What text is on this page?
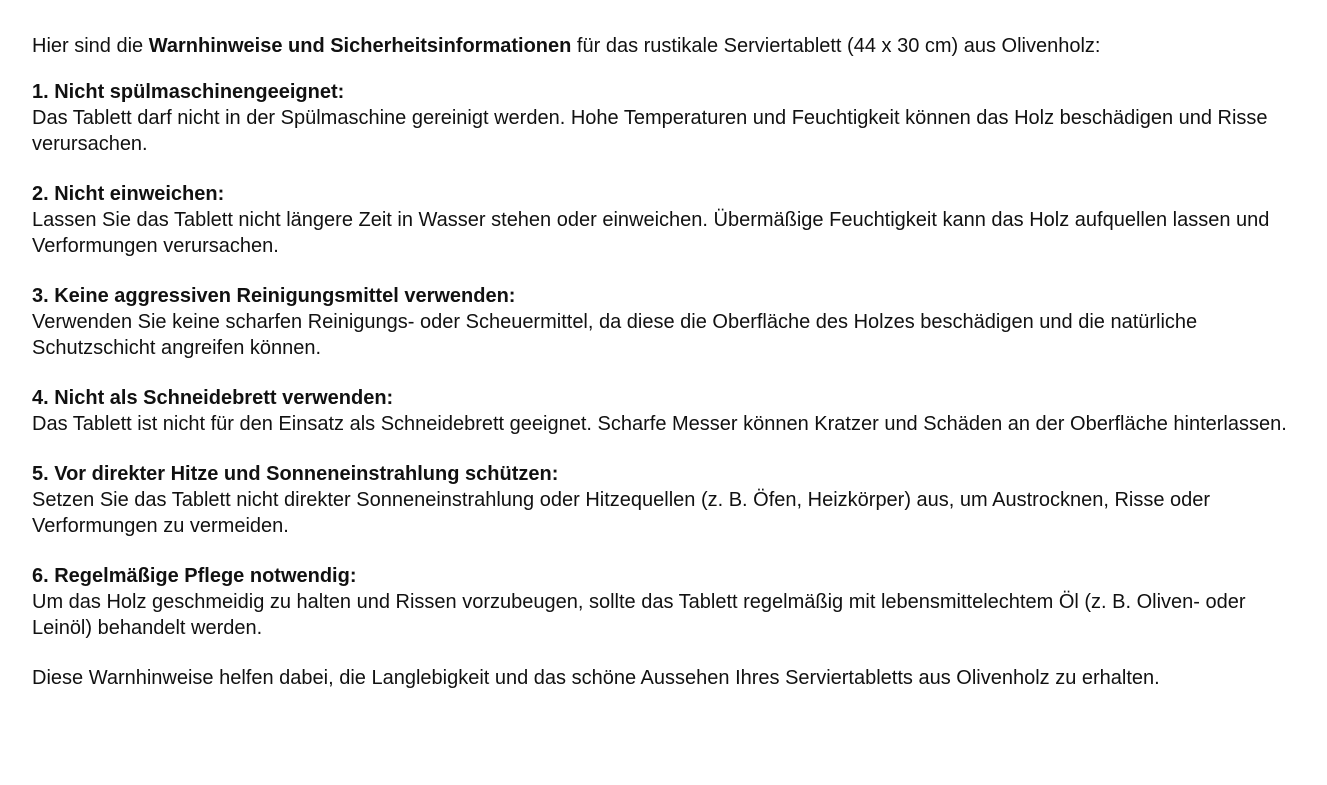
Hier sind die Warnhinweise und Sicherheitsinformationen für das rustikale Serviertablett (44 x 30 cm) aus Olivenholz:

1. Nicht spülmaschinengeeignet:
Das Tablett darf nicht in der Spülmaschine gereinigt werden. Hohe Temperaturen und Feuchtigkeit können das Holz beschädigen und Risse verursachen.
2. Nicht einweichen:
Lassen Sie das Tablett nicht längere Zeit in Wasser stehen oder einweichen. Übermäßige Feuchtigkeit kann das Holz aufquellen lassen und Verformungen verursachen.
3. Keine aggressiven Reinigungsmittel verwenden:
Verwenden Sie keine scharfen Reinigungs- oder Scheuermittel, da diese die Oberfläche des Holzes beschädigen und die natürliche Schutzschicht angreifen können.
4. Nicht als Schneidebrett verwenden:
Das Tablett ist nicht für den Einsatz als Schneidebrett geeignet. Scharfe Messer können Kratzer und Schäden an der Oberfläche hinterlassen.
5. Vor direkter Hitze und Sonneneinstrahlung schützen:
Setzen Sie das Tablett nicht direkter Sonneneinstrahlung oder Hitzequellen (z. B. Öfen, Heizkörper) aus, um Austrocknen, Risse oder Verformungen zu vermeiden.
6. Regelmäßige Pflege notwendig:
Um das Holz geschmeidig zu halten und Rissen vorzubeugen, sollte das Tablett regelmäßig mit lebensmittelechtem Öl (z. B. Oliven- oder Leinöl) behandelt werden.

Diese Warnhinweise helfen dabei, die Langlebigkeit und das schöne Aussehen Ihres Serviertabletts aus Olivenholz zu erhalten.
